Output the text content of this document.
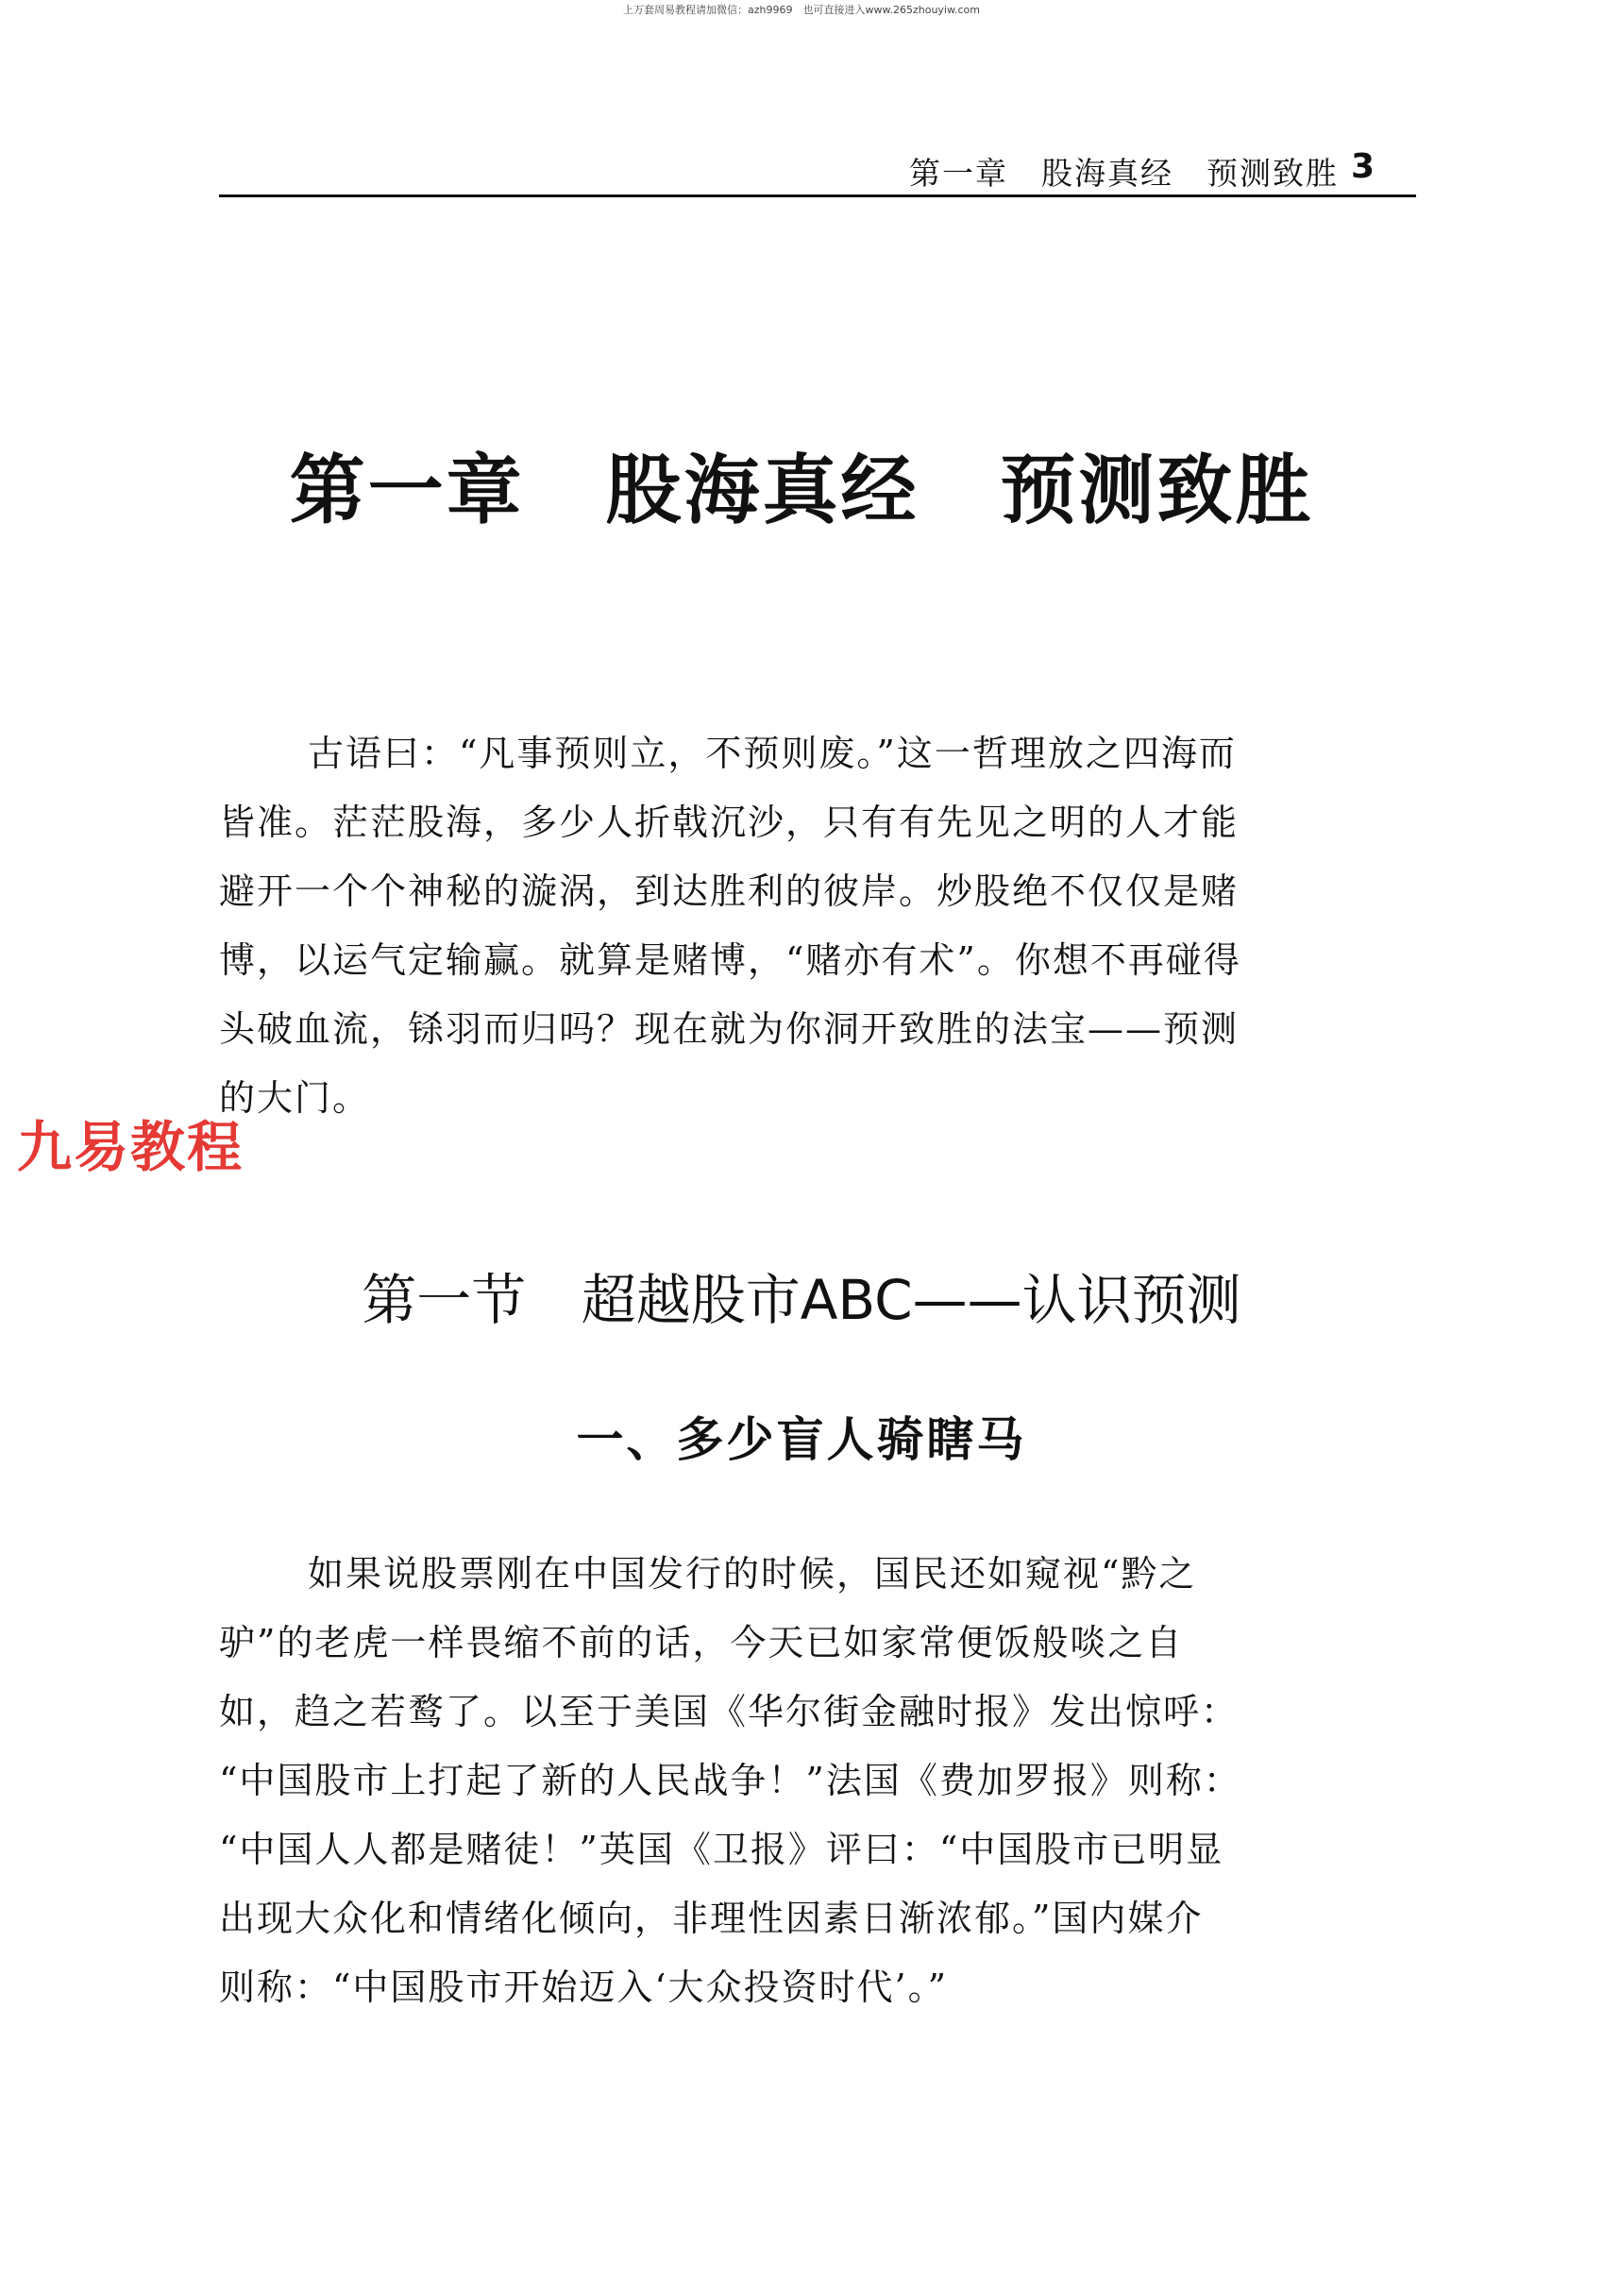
上万套周易教程请加微信：azh9969　也可直接进入www.265zhouyiw.com
第一章　股海真经　预测致胜 3
第一章 股海真经 预测致胜
古语曰：“凡事预则立，不预则废。”这一哲理放之四海而
皆准。茫茫股海，多少人折戟沉沙，只有有先见之明的人才能
避开一个个神秘的漩涡，到达胜利的彼岸。炒股绝不仅仅是赌
博，以运气定输赢。就算是赌博，“赌亦有术”。你想不再碰得
头破血流，铩羽而归吗？现在就为你洞开致胜的法宝——预测
的大门。
九易教程
第一节 超越股市ABC——认识预测
一、多少盲人骑瞎马
如果说股票刚在中国发行的时候，国民还如窥视“黔之
驴”的老虎一样畏缩不前的话，今天已如家常便饭般啖之自
如，趋之若鹜了。以至于美国《华尔街金融时报》发出惊呼：
“中国股市上打起了新的人民战争！”法国《费加罗报》则称：
“中国人人都是赌徒！”英国《卫报》评曰：“中国股市已明显
出现大众化和情绪化倾向，非理性因素日渐浓郁。”国内媒介
则称：“中国股市开始迈入‘大众投资时代’。”
